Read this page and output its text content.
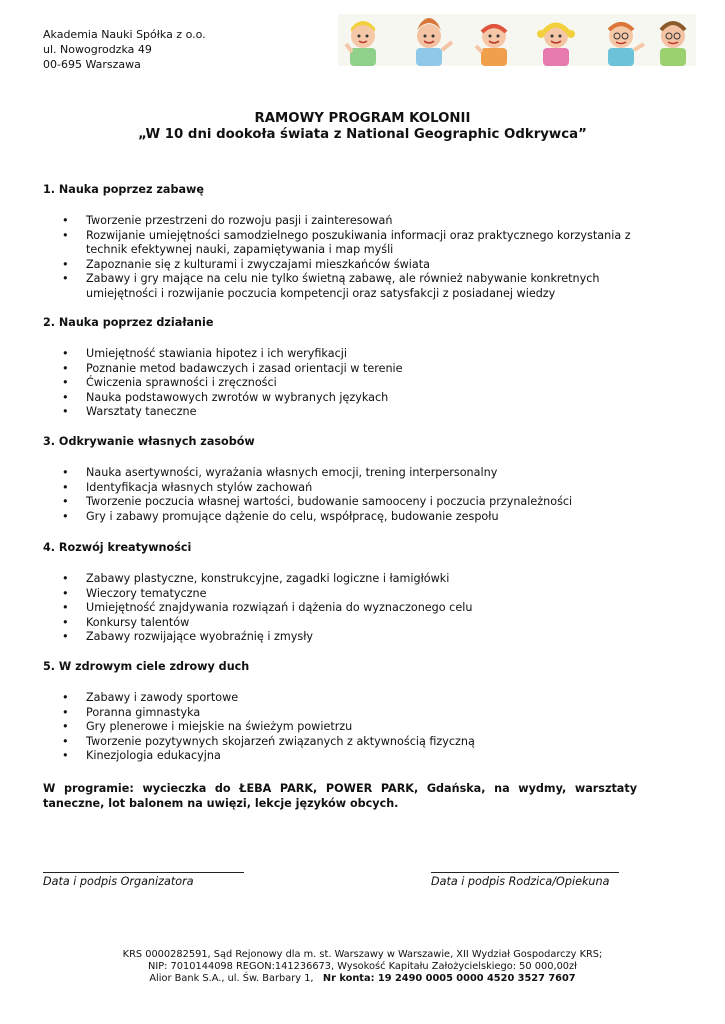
Akademia Nauki Spółka z o.o.
ul. Nowogrodzka 49
00-695 Warszawa
RAMOWY PROGRAM KOLONII
„W 10 dni dookoła świata z National Geographic Odkrywca”
1. Nauka poprzez zabawę
• Tworzenie przestrzeni do rozwoju pasji i zainteresowań
• Rozwijanie umiejętności samodzielnego poszukiwania informacji oraz praktycznego korzystania z technik efektywnej nauki, zapamiętywania i map myśli
• Zapoznanie się z kulturami i zwyczajami mieszkańców świata
• Zabawy i gry mające na celu nie tylko świetną zabawę, ale również nabywanie konkretnych umiejętności i rozwijanie poczucia kompetencji oraz satysfakcji z posiadanej wiedzy
2. Nauka poprzez działanie
• Umiejętność stawiania hipotez i ich weryfikacji
• Poznanie metod badawczych i zasad orientacji w terenie
• Ćwiczenia sprawności i zręczności
• Nauka podstawowych zwrotów w wybranych językach
• Warsztaty taneczne
3. Odkrywanie własnych zasobów
• Nauka asertywności, wyrażania własnych emocji, trening interpersonalny
• Identyfikacja własnych stylów zachowań
• Tworzenie poczucia własnej wartości, budowanie samooceny i poczucia przynależności
• Gry i zabawy promujące dążenie do celu, współpracę, budowanie zespołu
4. Rozwój kreatywności
• Zabawy plastyczne, konstrukcyjne, zagadki logiczne i łamigłówki
• Wieczory tematyczne
• Umiejętność znajdywania rozwiązań i dążenia do wyznaczonego celu
• Konkursy talentów
• Zabawy rozwijające wyobraźnię i zmysły
5. W zdrowym ciele zdrowy duch
• Zabawy i zawody sportowe
• Poranna gimnastyka
• Gry plenerowe i miejskie na świeżym powietrzu
• Tworzenie pozytywnych skojarzeń związanych z aktywnością fizyczną
• Kinezjologia edukacyjna
W programie: wycieczka do ŁEBA PARK, POWER PARK, Gdańska, na wydmy, warsztaty taneczne, lot balonem na uwięzi, lekcje języków obcych.
Data i podpis Organizatora	Data i podpis Rodzica/Opiekuna
KRS 0000282591, Sąd Rejonowy dla m. st. Warszawy w Warszawie, XII Wydział Gospodarczy KRS;
NIP: 7010144098 REGON:141236673, Wysokość Kapitału Założycielskiego: 50 000,00zł
Alior Bank S.A., ul. Św. Barbary 1,   Nr konta: 19 2490 0005 0000 4520 3527 7607
